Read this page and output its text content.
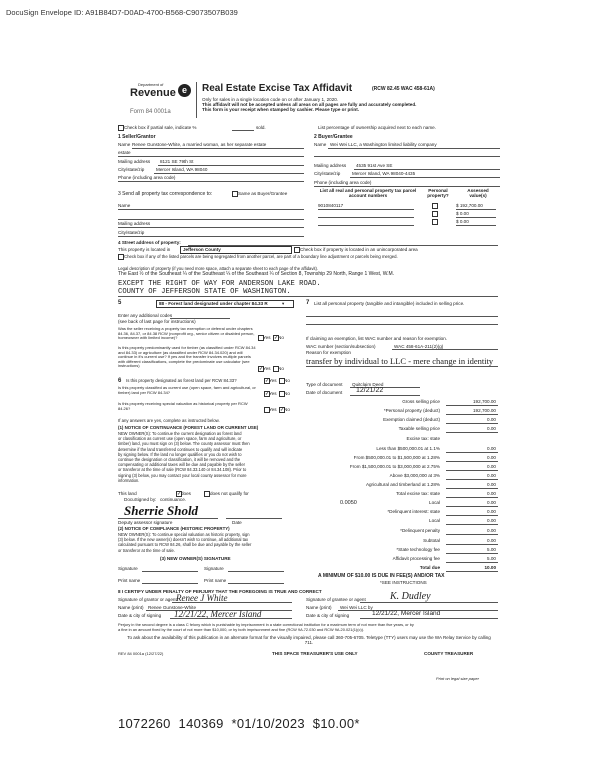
DocuSign Envelope ID: A91B84D7-D0AD-4700-B568-C9073507B039
Department of
Revenue e
Form 84 0001a
Real Estate Excise Tax Affidavit	(RCW 82.45 WAC 458-61A)
Only for sales in a single location code on or after January 1, 2020.
This affidavit will not be accepted unless all areas on all pages are fully and accurately completed.
This form is your receipt when stamped by cashier. Please type or print.
Check box if partial sale, indicate %	sold.	List percentage of ownership acquired next to each name.
1 Seller/Grantor
Name Renee Gunstone-White, a married woman, as her separate estate
estate
Mailing address 8121 SE 79th St
City/state/zip	Mercer Island, WA 98040
Phone (including area code)
2 Buyer/Grantee
Name Wei Wei LLC, a Washington limited liability company
Mailing address 4535 91st Ave SE
City/state/zip	Mercer Island, WA 98040-4435
Phone (including area code)
3 Send all property tax correspondence to:	Same as Buyer/Grantee
Name
Mailing address
City/state/zip
List all real and personal property tax parcel account numbers
Personal property?
Assessed value(s)
9010840117	$ 192,700.00
$ 0.00
$ 0.00
4 Street address of property:
This property is located in	Jefferson County	Check box if property is located in an unincorporated area
Check box if any of the listed parcels are being segregated from another parcel, are part of a boundary line adjustment or parcels being merged.
Legal description of property (if you need more space, attach a separate sheet to each page of the affidavit).
The East ½ of the Southeast ¼ of the Southeast ¼ of the Southeast ¼ of Section 8, Township 29 North, Range 1 West, W.M.
EXCEPT THE RIGHT OF WAY FOR ANDERSON LAKE ROAD.
COUNTY OF JEFFERSON STATE OF WASHINGTON.
5	88 - Forest land designated under chapter 84.33 R	▾
Enter any additional codes
(see back of last page for instructions)
Was the seller receiving a property tax exemption or deferral under chapters 84.36, 84.37, or 84.38 RCW (nonprofit org., senior citizen or disabled person, homeowner with limited income)?	Yes ✓ No
Is this property predominantly used for timber (as classified under RCW 84.34 and 84.33) or agriculture (as classified under RCW 84.34.020) and will continue in it's current use? If yes and the transfer involves multiple parcels with different classifications, complete the predominate use calculator (see instructions)
✓ Yes No
6 Is this property designated as forest land per RCW 84.33?	✓ Yes No
Is this property classified as current use (open space, farm and agricultural, or timber) land per RCW 84.34?	✓ Yes No
Is this property receiving special valuation as historical property per RCW 84.26?	Yes ✓ No
If any answers are yes, complete as instructed below.
(1) NOTICE OF CONTINUANCE (FOREST LAND OR CURRENT USE)
NEW OWNER(S): To continue the current designation as forest land
or classification as current use (open space, farm and agriculture, or
timber) land, you must sign on (3) below. The county assessor must then
determine if the land transferred continues to qualify and will indicate
by signing below. If the land no longer qualifies or you do not wish to
continue the designation or classification, it will be removed and the
compensating or additional taxes will be due and payable by the seller
or transferor at the time of sale (RCW 84.33.140 or 84.34.108). Prior to
signing (3) below, you may contact your local county assessor for more
information.
This land	✓ does	does not qualify for
DocuSigned by: continuance.
Sherrie Shold
Deputy assessor signature	Date
(2) NOTICE OF COMPLIANCE (HISTORIC PROPERTY)
NEW OWNER(S): To continue special valuation as historic property, sign
(3) below. If the new owner(s) doesn't wish to continue, all additional tax
calculated pursuant to RCW 84.26, shall be due and payable by the seller
or transferor at the time of sale.
(3) NEW OWNER(S) SIGNATURE
Signature	Signature
Print name	Print name
7 List all personal property (tangible and intangible) included in selling price.
If claiming an exemption, list WAC number and reason for exemption.
WAC number (section/subsection)	WAC 458-61A-211(2)(g)
Reason for exemption
transfer by individual to LLC - mere change in identity
Type of document Quitclaim Deed
Date of document 12/21/22
Gross selling price	192,700.00
*Personal property (deduct)	192,700.00
Exemption claimed (deduct)	0.00
Taxable selling price	0.00
Excise tax: state
Less than $500,000.01 at 1.1%	0.00
From $500,000.01 to $1,500,000 at 1.28%	0.00
From $1,500,000.01 to $3,000,000 at 2.75%	0.00
Above $3,000,000 at 3%	0.00
Agricultural and timberland at 1.28%	0.00
Total excise tax: state	0.00
0.0050	Local	0.00
*Delinquent interest: state	0.00
Local	0.00
*Delinquent penalty	0.00
Subtotal	0.00
*State technology fee	5.00
Affidavit processing fee	5.00
Total due	10.00
A MINIMUM OF $10.00 IS DUE IN FEE(S) AND/OR TAX
*SEE INSTRUCTIONS
8 I CERTIFY UNDER PENALTY OF PERJURY THAT THE FOREGOING IS TRUE AND CORRECT
Signature of grantor or agent Renee J White
Name (print) Renee Gunstone-White
Date & city of signing 12/21/22, Mercer Island
Signature of grantee or agent K. Dudley
Name (print) Wei Wei LLC by
Date & city of signing	12/21/22, Mercer Island
Perjury in the second degree is a class C felony which is punishable by imprisonment in a state correctional institution for a maximum term of not more than five years, or by
a fine in an amount fixed by the court of not more than $10,000, or by both imprisonment and fine (RCW 9A.72.030 and RCW 9A.20.021(1)(c)).
To ask about the availability of this publication in an alternate format for the visually impaired, please call 360-705-6705. Teletype (TTY) users may use the WA Relay Service by calling 711.
REV 84 0001a (12/27/22)	THIS SPACE TREASURER'S USE ONLY	COUNTY TREASURER
Print on legal size paper
1072260  140369  *01/10/2023  $10.00*
